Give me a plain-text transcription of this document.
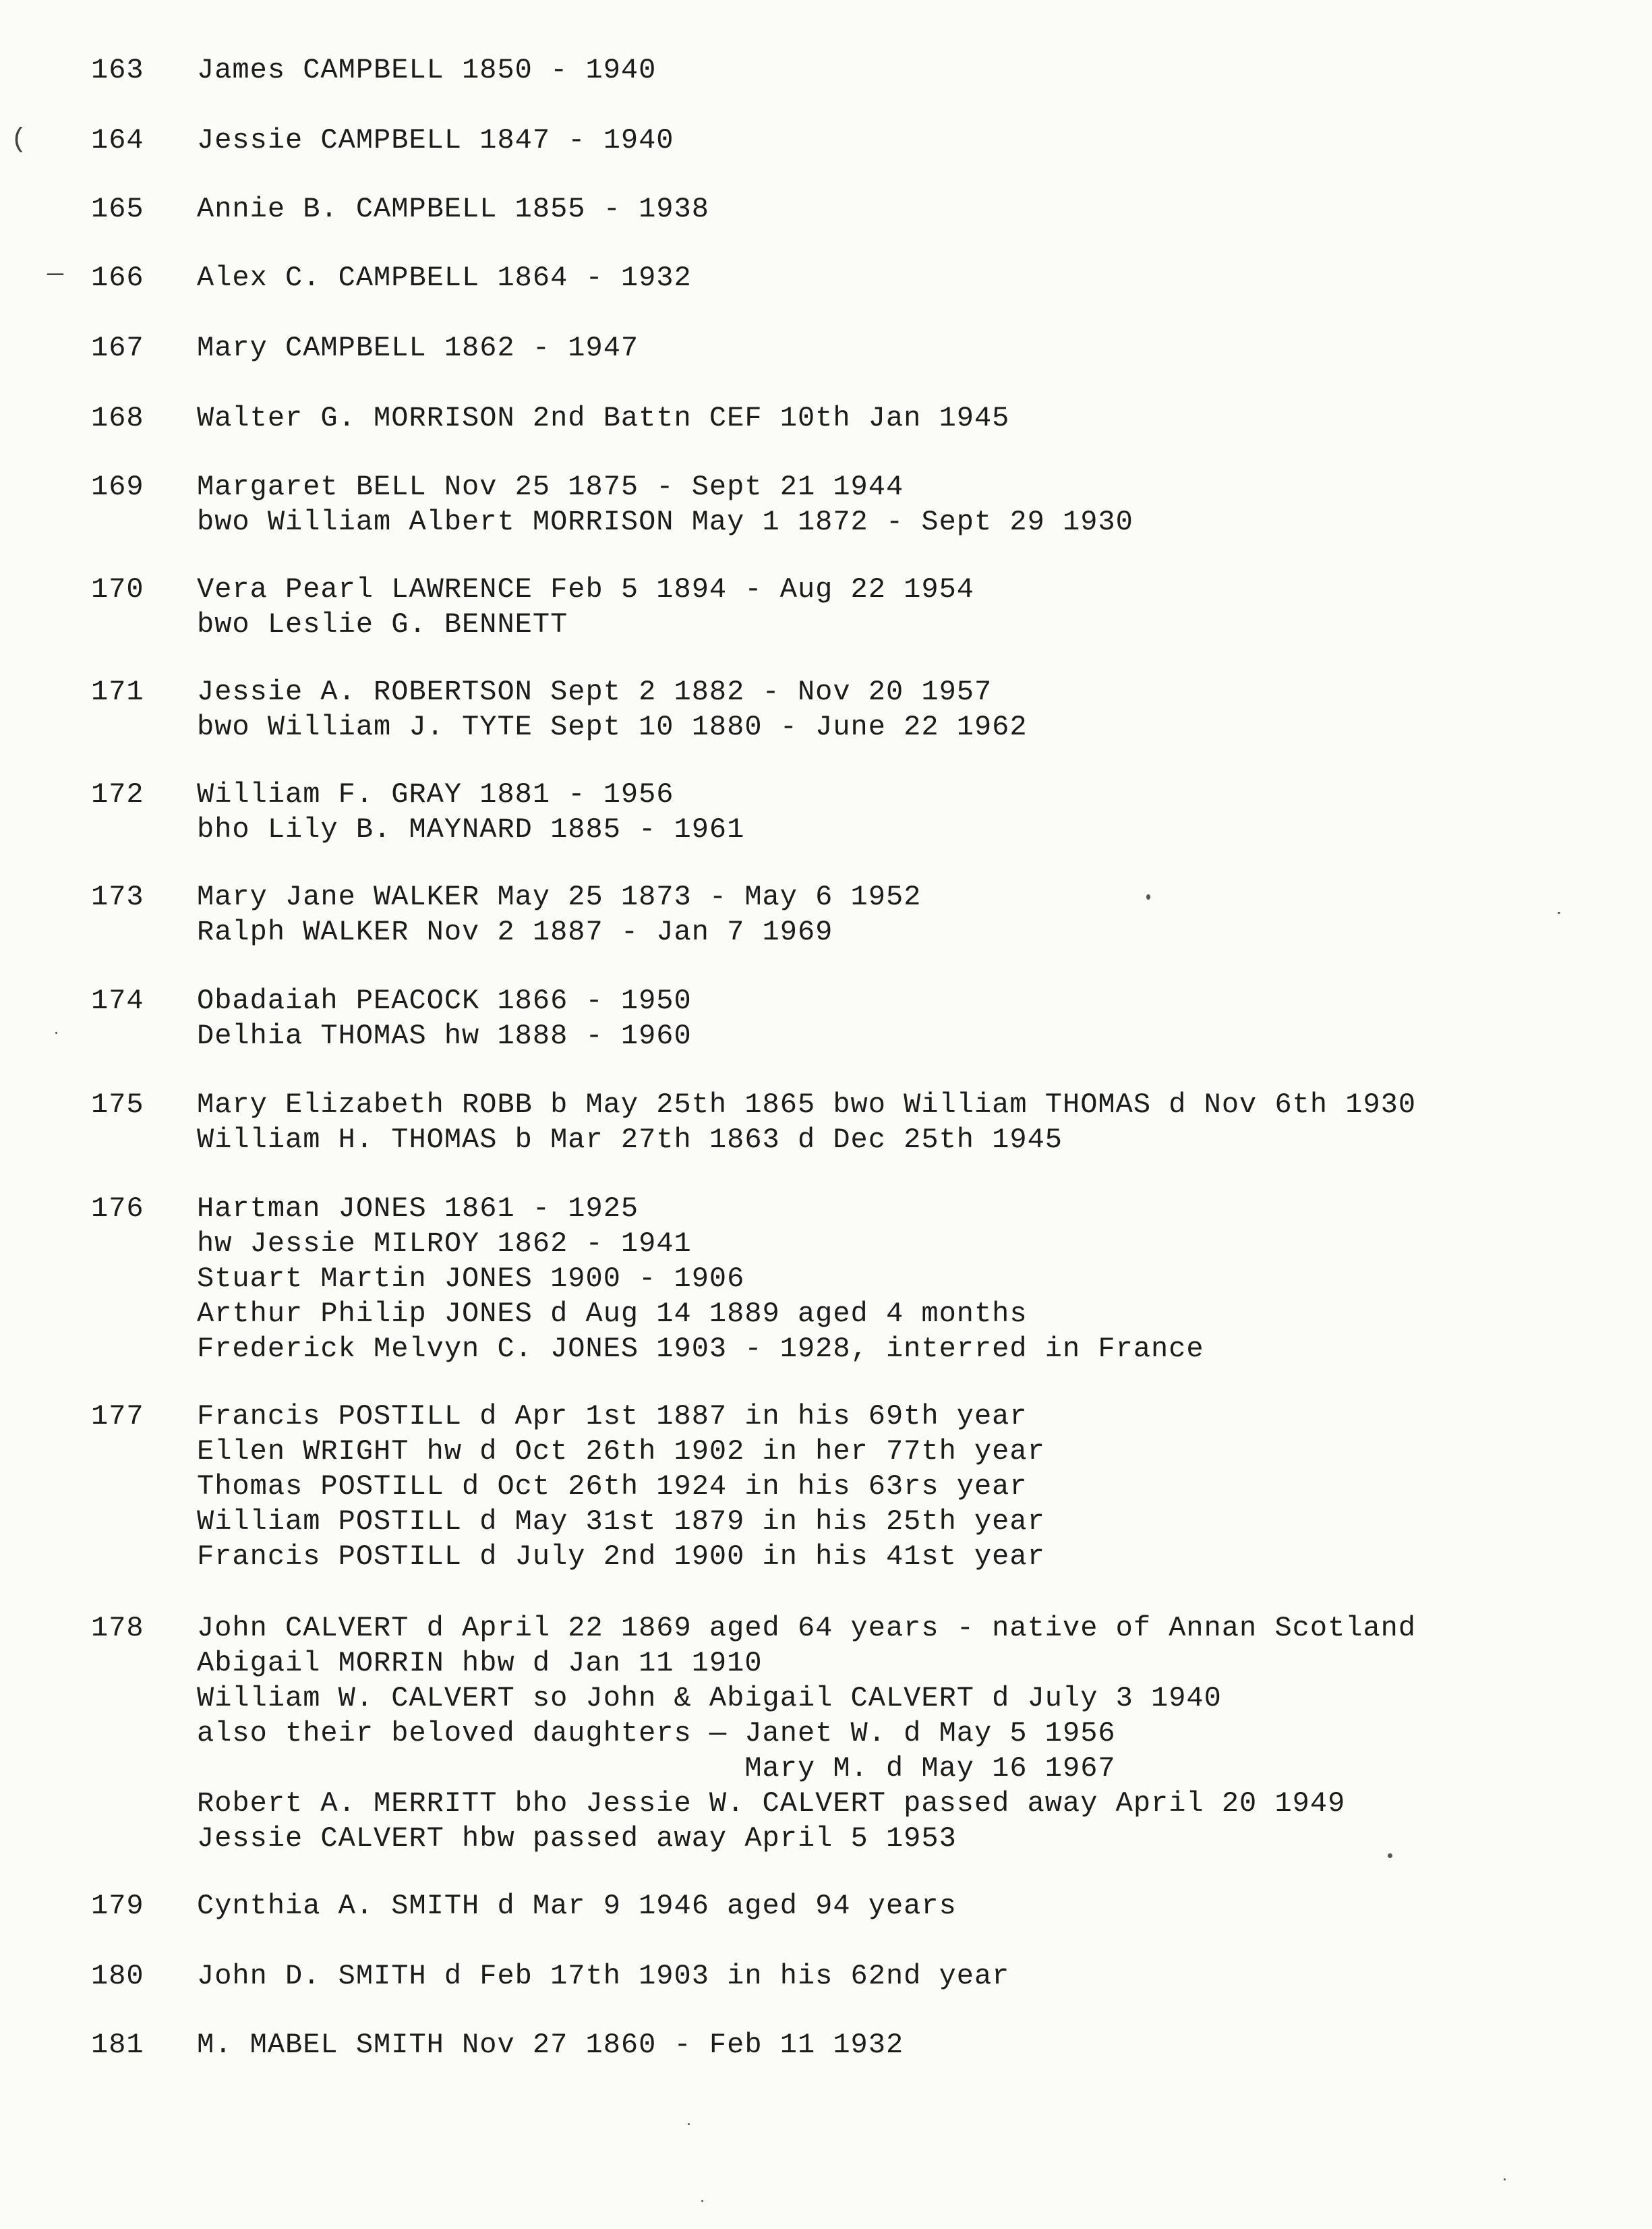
163 James CAMPBELL 1850 - 1940
164 Jessie CAMPBELL 1847 - 1940
165 Annie B. CAMPBELL 1855 - 1938
166 Alex C. CAMPBELL 1864 - 1932
167 Mary CAMPBELL 1862 - 1947
168 Walter G. MORRISON 2nd Battn CEF 10th Jan 1945
169 Margaret BELL Nov 25 1875 - Sept 21 1944
bwo William Albert MORRISON May 1 1872 - Sept 29 1930
170 Vera Pearl LAWRENCE Feb 5 1894 - Aug 22 1954
bwo Leslie G. BENNETT
171 Jessie A. ROBERTSON Sept 2 1882 - Nov 20 1957
bwo William J. TYTE Sept 10 1880 - June 22 1962
172 William F. GRAY 1881 - 1956
bho Lily B. MAYNARD 1885 - 1961
173 Mary Jane WALKER May 25 1873 - May 6 1952
Ralph WALKER Nov 2 1887 - Jan 7 1969
174 Obadaiah PEACOCK 1866 - 1950
Delhia THOMAS hw 1888 - 1960
175 Mary Elizabeth ROBB b May 25th 1865 bwo William THOMAS d Nov 6th 1930
William H. THOMAS b Mar 27th 1863 d Dec 25th 1945
176 Hartman JONES 1861 - 1925
hw Jessie MILROY 1862 - 1941
Stuart Martin JONES 1900 - 1906
Arthur Philip JONES d Aug 14 1889 aged 4 months
Frederick Melvyn C. JONES 1903 - 1928, interred in France
177 Francis POSTILL d Apr 1st 1887 in his 69th year
Ellen WRIGHT hw d Oct 26th 1902 in her 77th year
Thomas POSTILL d Oct 26th 1924 in his 63rs year
William POSTILL d May 31st 1879 in his 25th year
Francis POSTILL d July 2nd 1900 in his 41st year
178 John CALVERT d April 22 1869 aged 64 years - native of Annan Scotland
Abigail MORRIN hbw d Jan 11 1910
William W. CALVERT so John & Abigail CALVERT d July 3 1940
also their beloved daughters — Janet W. d May 5 1956
Mary M. d May 16 1967
Robert A. MERRITT bho Jessie W. CALVERT passed away April 20 1949
Jessie CALVERT hbw passed away April 5 1953
179 Cynthia A. SMITH d Mar 9 1946 aged 94 years
180 John D. SMITH d Feb 17th 1903 in his 62nd year
181 M. MABEL SMITH Nov 27 1860 - Feb 11 1932
(
—
